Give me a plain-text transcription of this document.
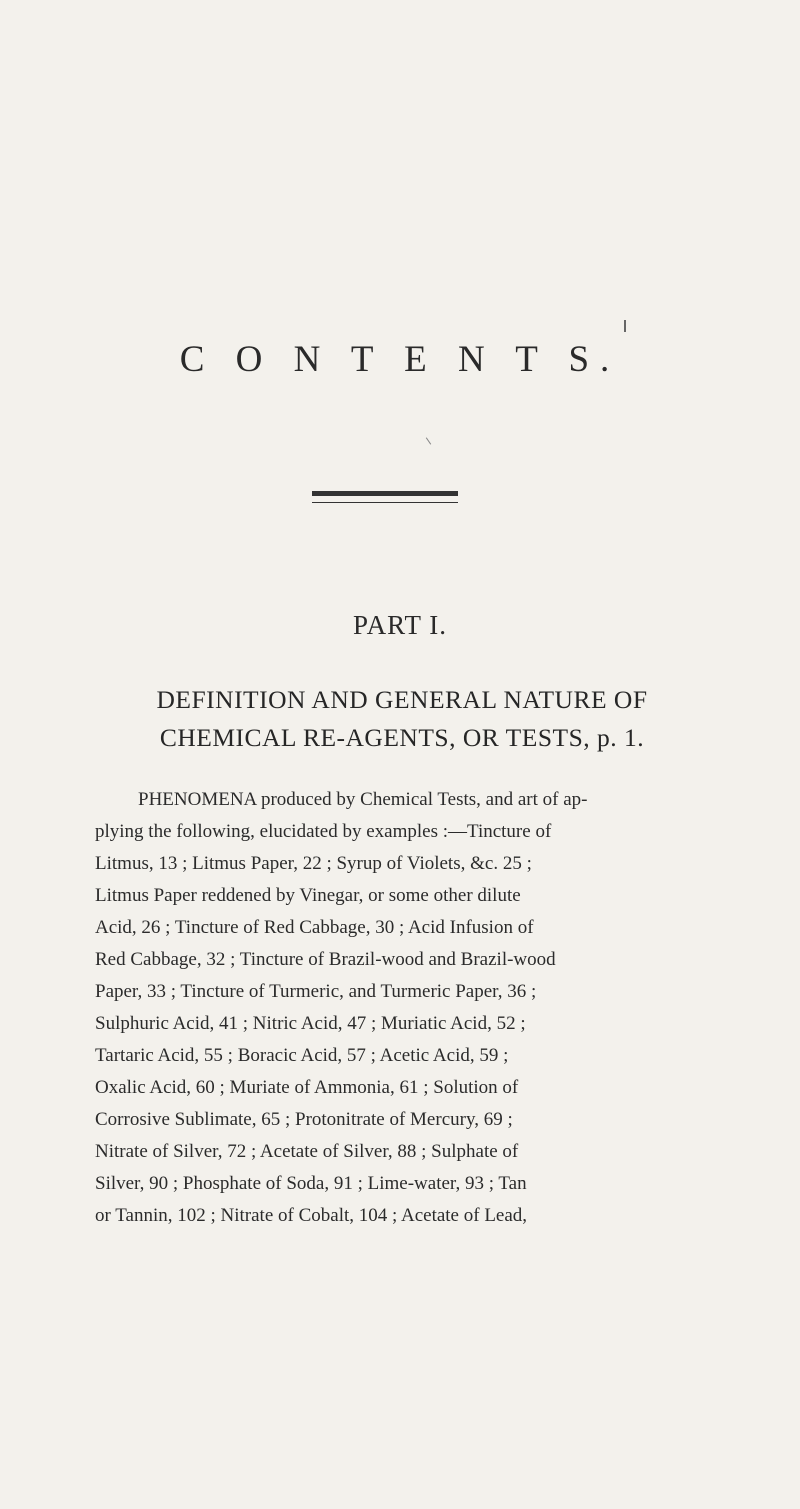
C O N T E N T S.
PART I.
DEFINITION AND GENERAL NATURE OF
CHEMICAL RE-AGENTS, OR TESTS, p. 1.
PHENOMENA produced by Chemical Tests, and art of ap-
plying the following, elucidated by examples :—Tincture of
Litmus, 13 ; Litmus Paper, 22 ; Syrup of Violets, &c. 25 ;
Litmus Paper reddened by Vinegar, or some other dilute
Acid, 26 ; Tincture of Red Cabbage, 30 ; Acid Infusion of
Red Cabbage, 32 ; Tincture of Brazil-wood and Brazil-wood
Paper, 33 ; Tincture of Turmeric, and Turmeric Paper, 36 ;
Sulphuric Acid, 41 ; Nitric Acid, 47 ; Muriatic Acid, 52 ;
Tartaric Acid, 55 ; Boracic Acid, 57 ; Acetic Acid, 59 ;
Oxalic Acid, 60 ; Muriate of Ammonia, 61 ; Solution of
Corrosive Sublimate, 65 ; Protonitrate of Mercury, 69 ;
Nitrate of Silver, 72 ; Acetate of Silver, 88 ; Sulphate of
Silver, 90 ; Phosphate of Soda, 91 ; Lime-water, 93 ; Tan
or Tannin, 102 ; Nitrate of Cobalt, 104 ; Acetate of Lead,
